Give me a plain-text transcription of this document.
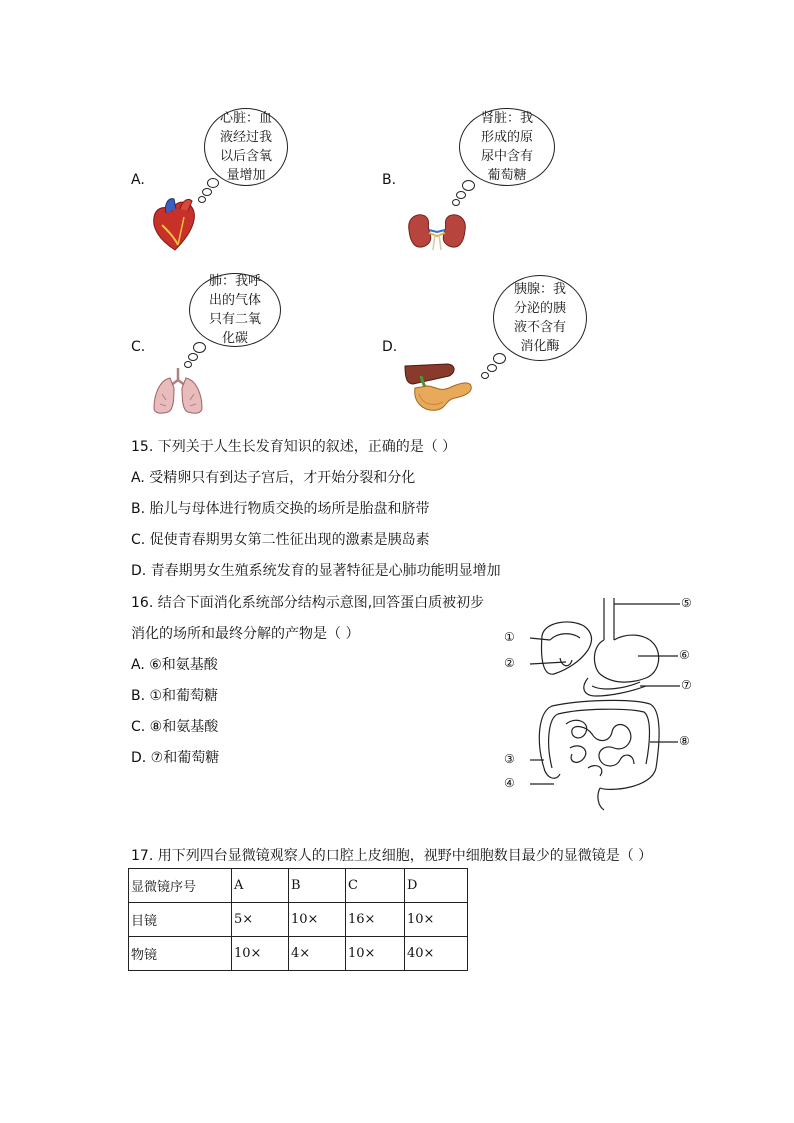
A.
心脏：血液经过我以后含氧量增加	B.
肾脏：我形成的原尿中含有葡萄糖
C.
肺：我呼出的气体只有二氧化碳
D.
胰腺：我分泌的胰液不含有消化酶
15. 下列关于人生长发育知识的叙述，正确的是（ ）
A. 受精卵只有到达子宫后，才开始分裂和分化
B. 胎儿与母体进行物质交换的场所是胎盘和脐带
C. 促使青春期男女第二性征出现的激素是胰岛素
D. 青春期男女生殖系统发育的显著特征是心肺功能明显增加
16. 结合下面消化系统部分结构示意图,回答蛋白质被初步
消化的场所和最终分解的产物是（ ）
A. ⑥和氨基酸
B. ①和葡萄糖
C. ⑧和氨基酸
D. ⑦和葡萄糖
①
②
③
④
⑤
⑥
⑦
⑧
17. 用下列四台显微镜观察人的口腔上皮细胞，视野中细胞数目最少的显微镜是（ ）
显微镜序号	A	B	C	D
目镜	5×	10×	16×	10×
物镜	10×	4×	10×	40×
